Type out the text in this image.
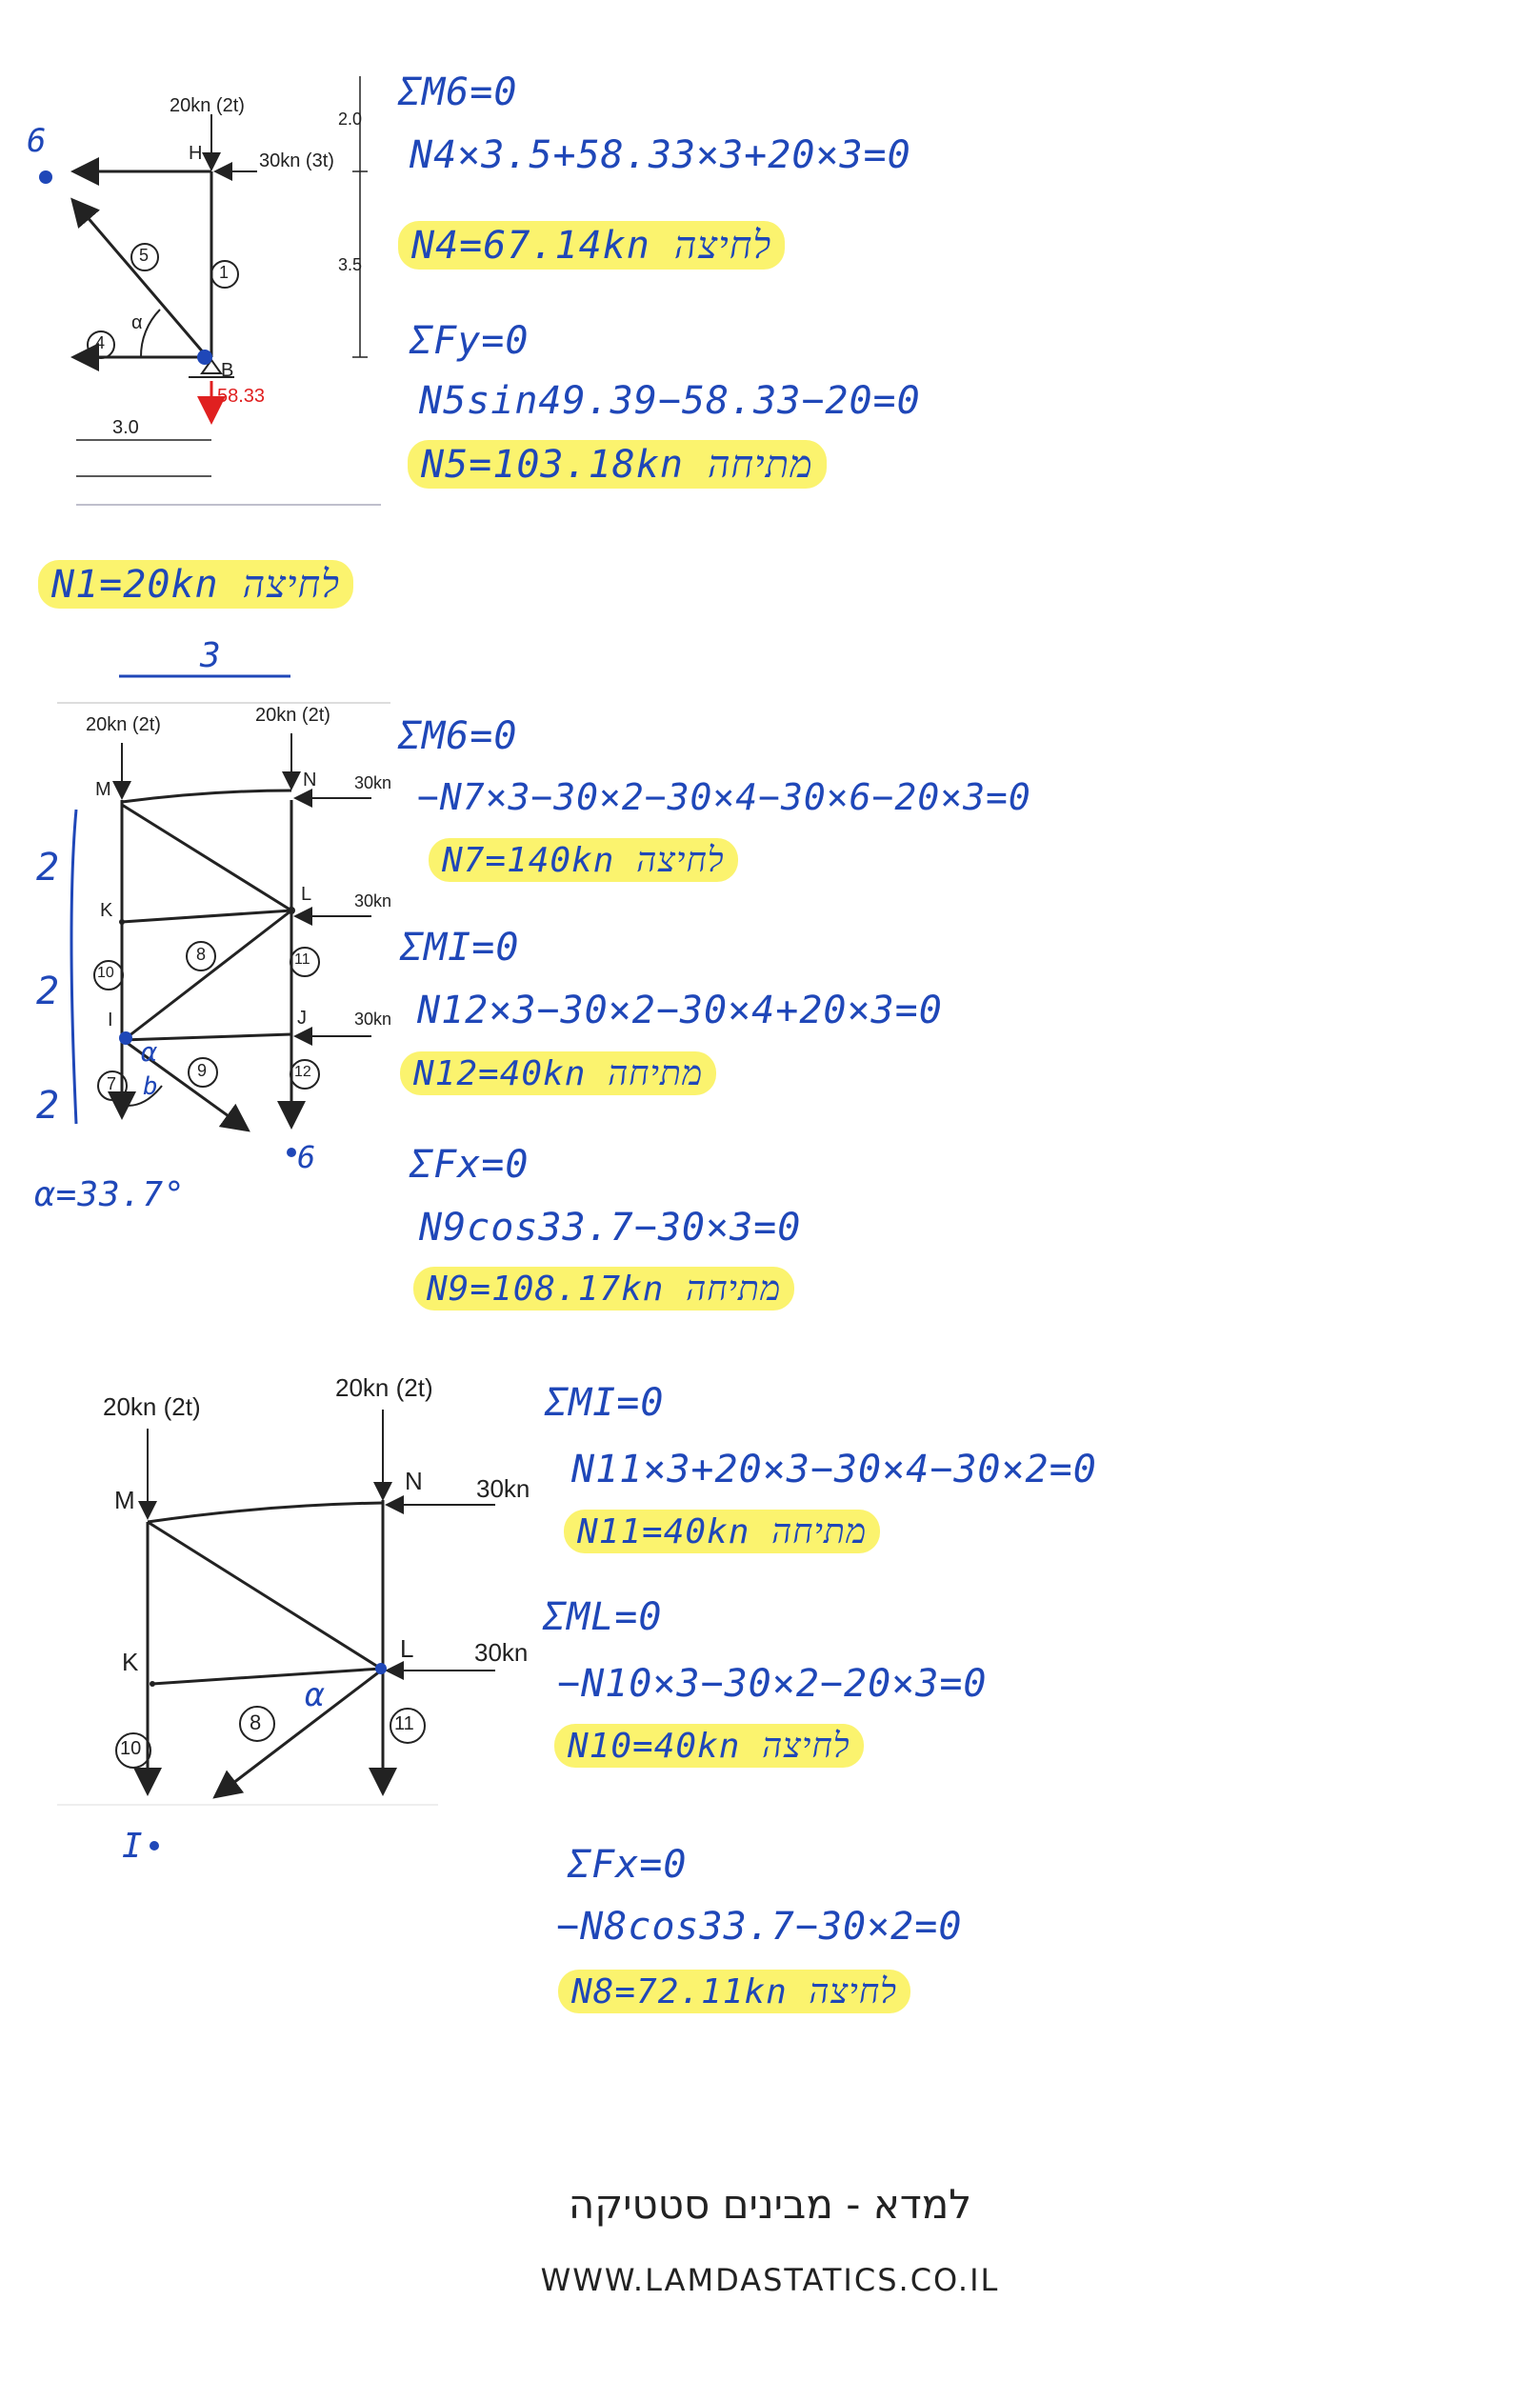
20kn (2t)
H	30kn (3t)
B
58.33
2.0
3.5
3.0
5
1
4
α
6
ΣM6=0
N4×3.5+58.33×3+20×3=0
N4=67.14kn לחיצה
ΣFy=0
N5sin49.39−58.33−20=0
N5=103.18kn מתיחה
N1=20kn לחיצה
3
20kn (2t)	20kn (2t)
M	N 30kn
K
L 30kn
I	J	30kn
8
10
11
7
9	12
2
2
2
α
b
6
α=33.7°
ΣM6=0
−N7×3−30×2−30×4−30×6−20×3=0
N7=140kn לחיצה
ΣMI=0
N12×3−30×2−30×4+20×3=0
N12=40kn מתיחה
ΣFx=0
N9cos33.7−30×3=0
N9=108.17kn מתיחה
20kn (2t)
20kn (2t)
M
N 30kn
K	L 30kn
8
10
11
α
I
ΣMI=0
N11×3+20×3−30×4−30×2=0
N11=40kn מתיחה
ΣML=0
−N10×3−30×2−20×3=0
N10=40kn לחיצה
ΣFx=0
−N8cos33.7−30×2=0
N8=72.11kn לחיצה
למדא - מבינים סטטיקה
WWW.LAMDASTATICS.CO.IL
